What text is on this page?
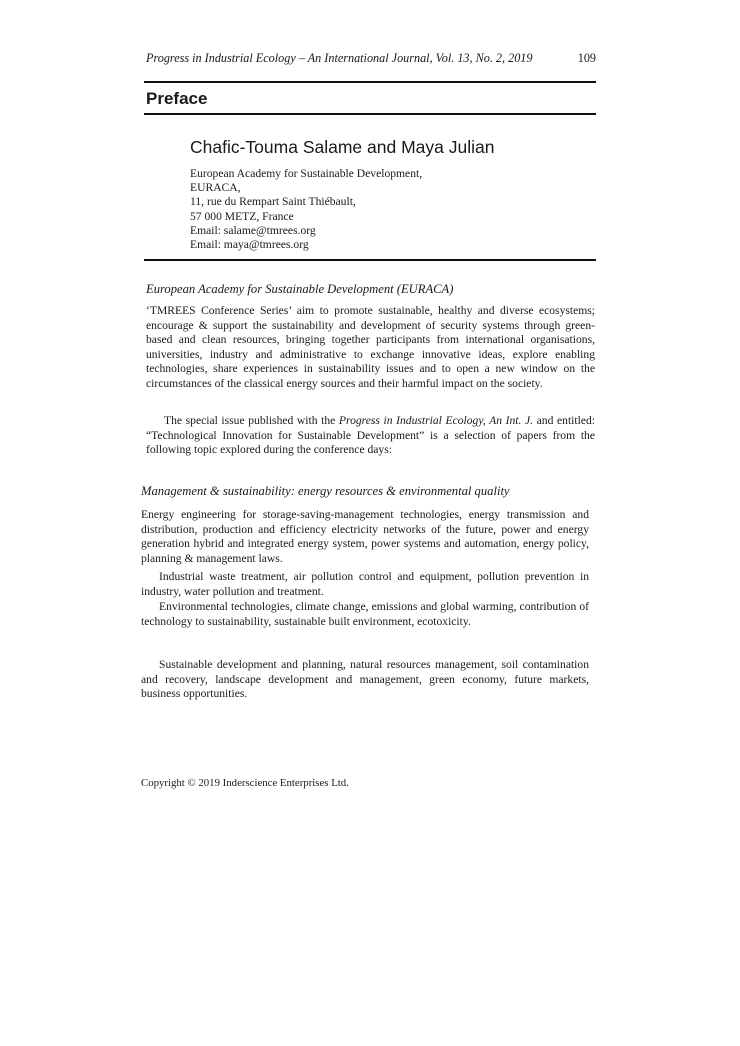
Progress in Industrial Ecology – An International Journal, Vol. 13, No. 2, 2019	109
Preface
Chafic-Touma Salame and Maya Julian
European Academy for Sustainable Development,
EURACA,
11, rue du Rempart Saint Thiébault,
57 000 METZ, France
Email: salame@tmrees.org
Email: maya@tmrees.org
European Academy for Sustainable Development (EURACA)

‘TMREES Conference Series’ aim to promote sustainable, healthy and diverse ecosystems; encourage & support the sustainability and development of security systems through green-based and clean resources, bringing together participants from international organisations, universities, industry and administrative to exchange innovative ideas, explore enabling technologies, share experiences in sustainability issues and to open a new window on the circumstances of the classical energy sources and their harmful impact on the society.

The special issue published with the Progress in Industrial Ecology, An Int. J. and entitled: “Technological Innovation for Sustainable Development” is a selection of papers from the following topic explored during the conference days:

Management & sustainability: energy resources & environmental quality

Energy engineering for storage-saving-management technologies, energy transmission and distribution, production and efficiency electricity networks of the future, power and energy generation hybrid and integrated energy system, power systems and automation, energy policy, planning & management laws.

Industrial waste treatment, air pollution control and equipment, pollution prevention in industry, water pollution and treatment.

Environmental technologies, climate change, emissions and global warming, contribution of technology to sustainability, sustainable built environment, ecotoxicity.

Sustainable development and planning, natural resources management, soil contamination and recovery, landscape development and management, green economy, future markets, business opportunities.

Copyright © 2019 Inderscience Enterprises Ltd.
